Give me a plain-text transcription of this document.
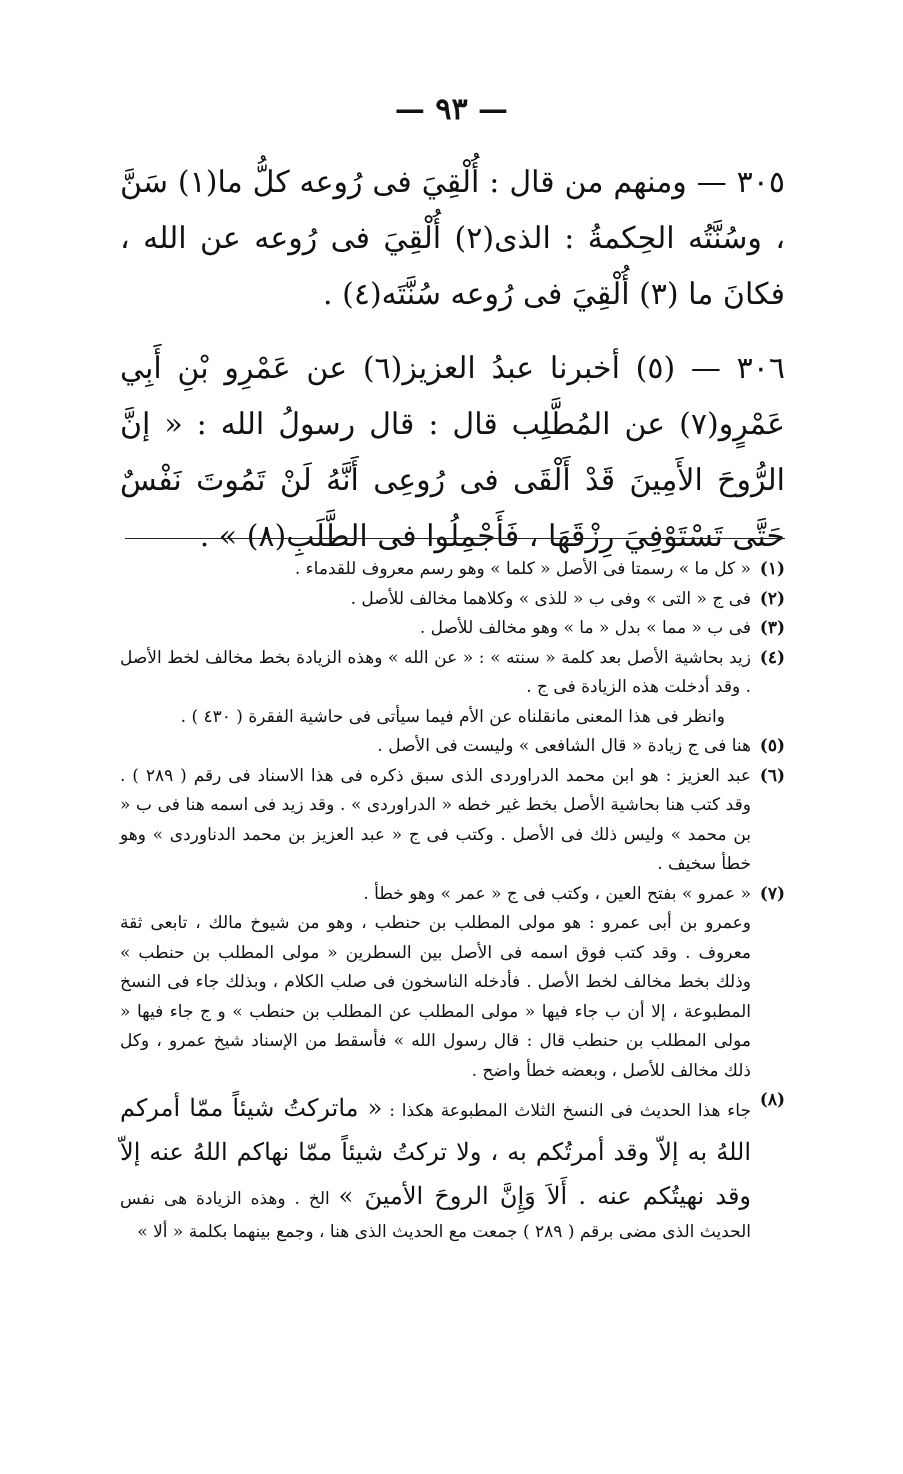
— ٩٣ —

٣٠٥ — ومنهم من قال : أُلْقِيَ فى رُوعه كلُّ ما(١) سَنَّ ، وسُنَّتُه الحِكمةُ : الذى(٢) أُلْقِيَ فى رُوعه عن الله ، فكانَ ما (٣) أُلْقِيَ فى رُوعه سُنَّتَه(٤) .

٣٠٦ — (٥) أخبرنا عبدُ العزيز(٦) عن عَمْرِو بْنِ أَبِي عَمْرٍو(٧) عن المُطَّلِب قال : قال رسولُ الله : « إنَّ الرُّوحَ الأَمِينَ قَدْ أَلْقَى فى رُوعِى أَنَّهُ لَنْ تَمُوتَ نَفْسٌ حَتَّى تَسْتَوْفِيَ رِزْقَهَا ، فَأَجْمِلُوا فى الطَّلَبِ(٨) » .

(١)
« كل ما » رسمتا فى الأصل « كلما » وهو رسم معروف للقدماء .
(٢)
فى ج « التى » وفى ب « للذى » وكلاهما مخالف للأصل .
(٣)
فى ب « مما » بدل « ما » وهو مخالف للأصل .
(٤)
زيد بحاشية الأصل بعد كلمة « سنته » : « عن الله » وهذه الزيادة بخط مخالف لخط الأصل . وقد أدخلت هذه الزيادة فى ج .
وانظر فى هذا المعنى مانقلناه عن الأم فيما سيأتى فى حاشية الفقرة ( ٤٣٠ ) .
(٥)
هنا فى ج زيادة « قال الشافعى » وليست فى الأصل .
(٦)
عبد العزيز : هو ابن محمد الدراوردى الذى سبق ذكره فى هذا الاسناد فى رقم ( ٢٨٩ ) . وقد كتب هنا بحاشية الأصل بخط غير خطه « الدراوردى » . وقد زيد فى اسمه هنا فى ب « بن محمد » وليس ذلك فى الأصل . وكتب فى ج « عبد العزيز بن محمد الدناوردى » وهو خطأ سخيف .
(٧)
« عمرو » بفتح العين ، وكتب فى ج « عمر » وهو خطأ .
وعمرو بن أبى عمرو : هو مولى المطلب بن حنطب ، وهو من شيوخ مالك ، تابعى ثقة معروف . وقد كتب فوق اسمه فى الأصل بين السطرين « مولى المطلب بن حنطب » وذلك بخط مخالف لخط الأصل . فأدخله الناسخون فى صلب الكلام ، وبذلك جاء فى النسخ المطبوعة ، إلا أن ب جاء فيها « مولى المطلب عن المطلب بن حنطب » و ج جاء فيها « مولى المطلب بن حنطب قال : قال رسول الله » فأسقط من الإسناد شيخ عمرو ، وكل ذلك مخالف للأصل ، وبعضه خطأ واضح .
(٨)
جاء هذا الحديث فى النسخ الثلاث المطبوعة هكذا : « ماتركتُ شيئاً ممّا أمركم اللهُ به إلاّ وقد أمرتُكم به ، ولا تركتُ شيئاً ممّا نهاكم اللهُ عنه إلاّ وقد نهيتُكم عنه . أَلاَ وَإِنَّ الروحَ الأمينَ » الخ . وهذه الزيادة هى نفس الحديث الذى مضى برقم ( ٢٨٩ ) جمعت مع الحديث الذى هنا ، وجمع بينهما بكلمة « ألا »
